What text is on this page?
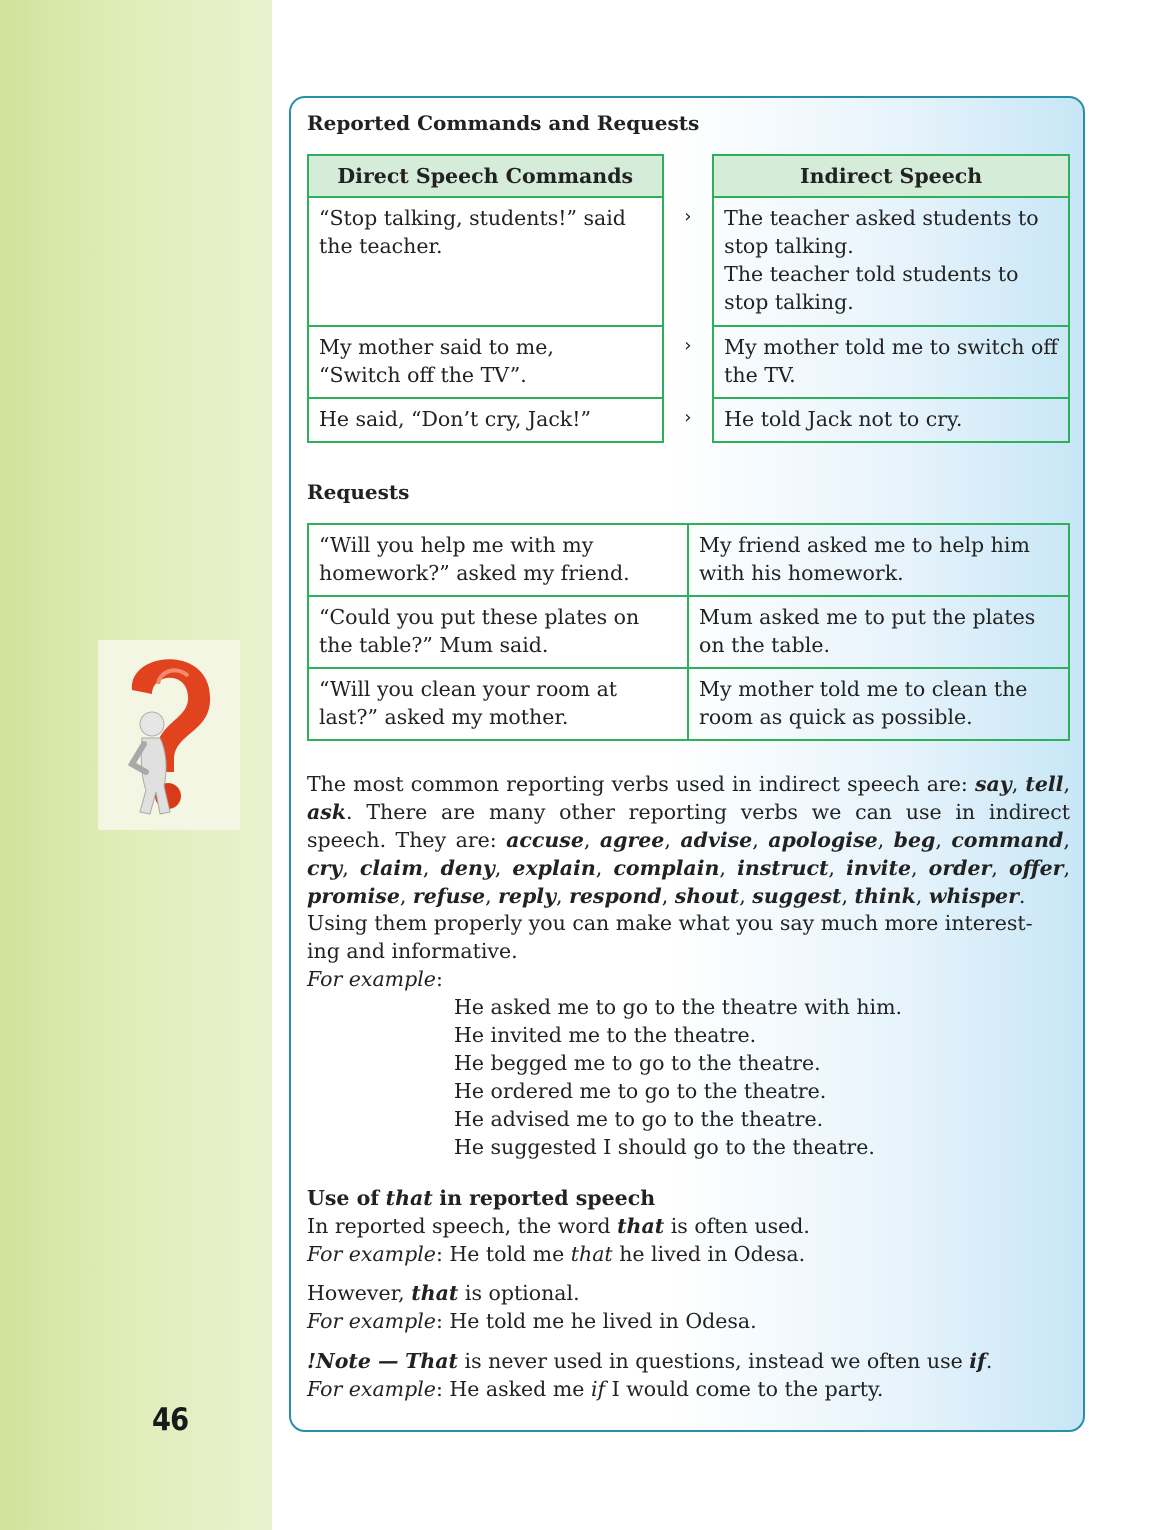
46
Reported Commands and Requests
Direct Speech Commands		Indirect Speech
“Stop talking, students!” said the teacher.	›	The teacher asked students to stop talking.
The teacher told students to stop talking.

My mother said to me,
“Switch off the TV”.	›	My mother told me to switch off the TV.
He said, “Don’t cry, Jack!”	›	He told Jack not to cry.
Requests
“Will you help me with my homework?” asked my friend.	My friend asked me to help him with his homework.
“Could you put these plates on the table?” Mum said.	Mum asked me to put the plates on the table.
“Will you clean your room at last?” asked my mother.	My mother told me to clean the room as quick as possible.
The most common reporting verbs used in indirect speech are: say, tell, ask. There are many other reporting verbs we can use in indirect speech. They are: accuse, agree, advise, apologise, beg, command, cry, claim, deny, explain, complain, instruct, invite, order, offer, promise, refuse, reply, respond, shout, suggest, think, whisper.
Using them properly you can make what you say much more interest-
ing and informative.
For example:
He asked me to go to the theatre with him.
He invited me to the theatre.
He begged me to go to the theatre.
He ordered me to go to the theatre.
He advised me to go to the theatre.
He suggested I should go to the theatre.
Use of that in reported speech
In reported speech, the word that is often used.
For example: He told me that he lived in Odesa.
However, that is optional.
For example: He told me he lived in Odesa.
!Note — That is never used in questions, instead we often use if.
For example: He asked me if I would come to the party.
